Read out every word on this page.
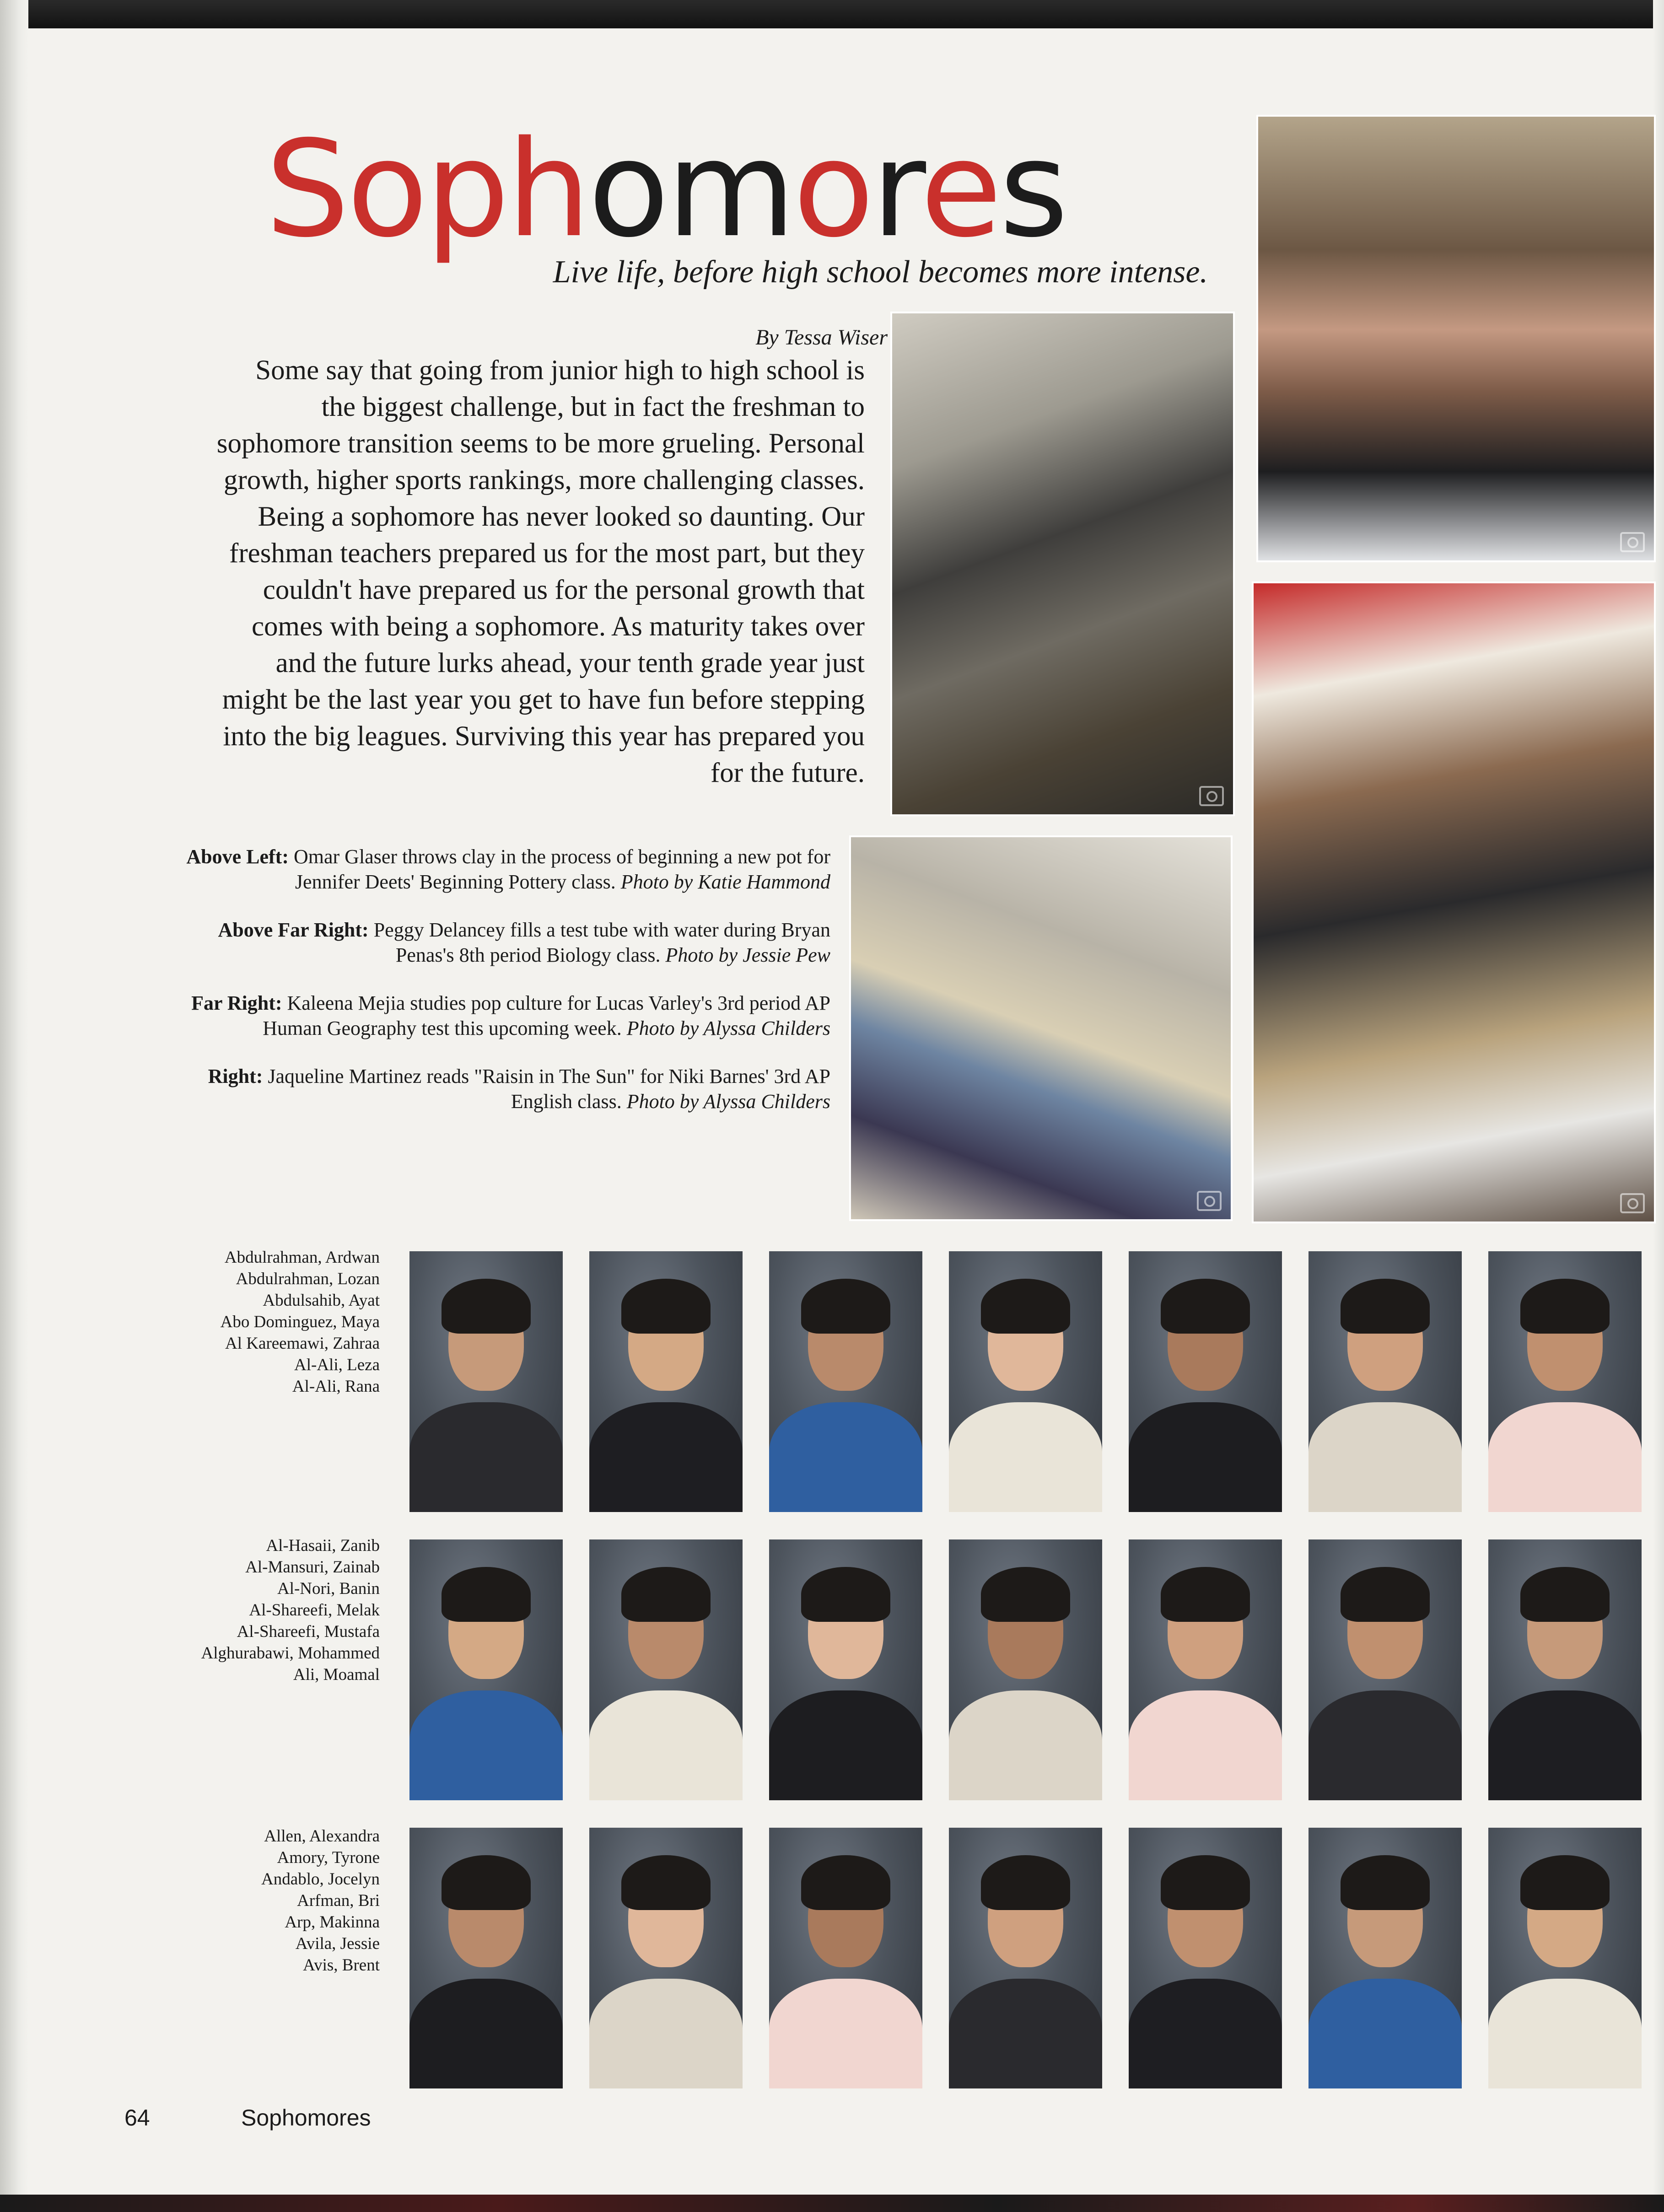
Sophomores
Live life, before high school becomes more intense.
By Tessa Wiser
Some say that going from junior high to high school is
the biggest challenge, but in fact the freshman to
sophomore transition seems to be more grueling. Personal
growth, higher sports rankings, more challenging classes.
Being a sophomore has never looked so daunting. Our
freshman teachers prepared us for the most part, but they
couldn't have prepared us for the personal growth that
comes with being a sophomore. As maturity takes over
and the future lurks ahead, your tenth grade year just
might be the last year you get to have fun before stepping
into the big leagues. Surviving this year has prepared you
for the future.
Above Left: Omar Glaser throws clay in the process of beginning a new pot for Jennifer Deets' Beginning Pottery class. Photo by Katie Hammond
Above Far Right: Peggy Delancey fills a test tube with water during Bryan Penas's 8th period Biology class. Photo by Jessie Pew
Far Right: Kaleena Mejia studies pop culture for Lucas Varley's 3rd period AP Human Geography test this upcoming week. Photo by Alyssa Childers
Right: Jaqueline Martinez reads "Raisin in The Sun" for Niki Barnes' 3rd AP English class. Photo by Alyssa Childers
Abdulrahman, Ardwan
Abdulrahman, Lozan
Abdulsahib, Ayat
Abo Dominguez, Maya
Al Kareemawi, Zahraa
Al-Ali, Leza
Al-Ali, Rana
Al-Hasaii, Zanib
Al-Mansuri, Zainab
Al-Nori, Banin
Al-Shareefi, Melak
Al-Shareefi, Mustafa
Alghurabawi, Mohammed
Ali, Moamal
Allen, Alexandra
Amory, Tyrone
Andablo, Jocelyn
Arfman, Bri
Arp, Makinna
Avila, Jessie
Avis, Brent
64	Sophomores
